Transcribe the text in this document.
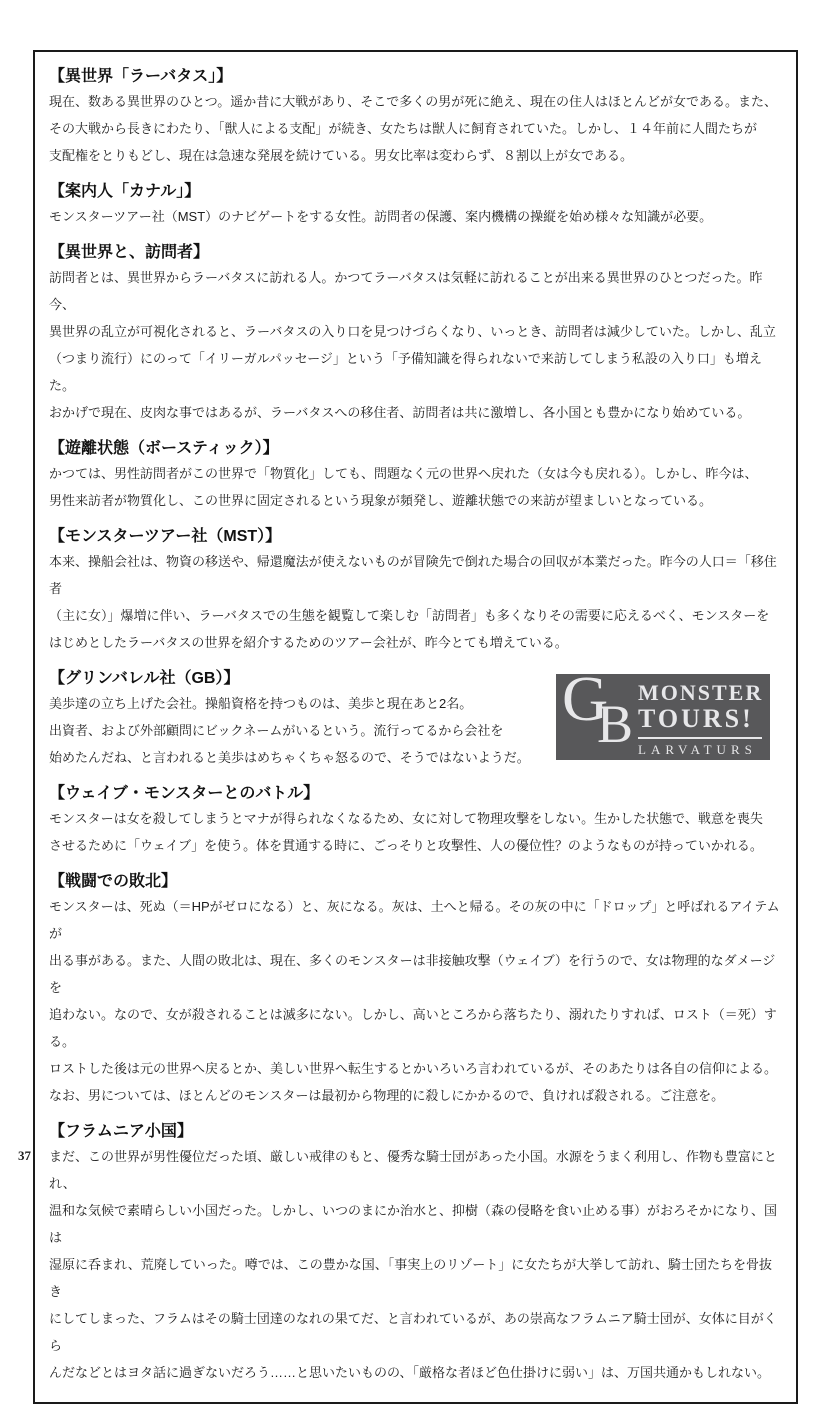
【異世界「ラーバタス」】
現在、数ある異世界のひとつ。遥か昔に大戦があり、そこで多くの男が死に絶え、現在の住人はほとんどが女である。また、
その大戦から長きにわたり、「獣人による支配」が続き、女たちは獣人に飼育されていた。しかし、１４年前に人間たちが
支配権をとりもどし、現在は急速な発展を続けている。男女比率は変わらず、８割以上が女である。
【案内人「カナル」】
モンスターツアー社（MST）のナビゲートをする女性。訪問者の保護、案内機構の操縦を始め様々な知識が必要。
【異世界と、訪問者】
訪問者とは、異世界からラーバタスに訪れる人。かつてラーバタスは気軽に訪れることが出来る異世界のひとつだった。昨今、
異世界の乱立が可視化されると、ラーバタスの入り口を見つけづらくなり、いっとき、訪問者は減少していた。しかし、乱立
（つまり流行）にのって「イリーガルパッセージ」という「予備知識を得られないで来訪してしまう私設の入り口」も増えた。
おかげで現在、皮肉な事ではあるが、ラーバタスへの移住者、訪問者は共に激増し、各小国とも豊かになり始めている。
【遊離状態（ボースティック）】
かつては、男性訪問者がこの世界で「物質化」しても、問題なく元の世界へ戻れた（女は今も戻れる）。しかし、昨今は、
男性来訪者が物質化し、この世界に固定されるという現象が頻発し、遊離状態での来訪が望ましいとなっている。
【モンスターツアー社（MST）】
本来、操船会社は、物資の移送や、帰還魔法が使えないものが冒険先で倒れた場合の回収が本業だった。昨今の人口＝「移住者
（主に女）」爆増に伴い、ラーバタスでの生態を観覧して楽しむ「訪問者」も多くなりその需要に応えるべく、モンスターを
はじめとしたラーバタスの世界を紹介するためのツアー会社が、昨今とても増えている。
【グリンバレル社（GB）】
美歩達の立ち上げた会社。操船資格を持つものは、美歩と現在あと2名。
出資者、および外部顧問にビックネームがいるという。流行ってるから会社を
始めたんだね、と言われると美歩はめちゃくちゃ怒るので、そうではないようだ。
G
B
MONSTER
TOURS!
LARVATURS
【ウェイブ・モンスターとのバトル】
モンスターは女を殺してしまうとマナが得られなくなるため、女に対して物理攻撃をしない。生かした状態で、戦意を喪失
させるために「ウェイブ」を使う。体を貫通する時に、ごっそりと攻撃性、人の優位性？のようなものが持っていかれる。
【戦闘での敗北】
モンスターは、死ぬ（＝HPがゼロになる）と、灰になる。灰は、土へと帰る。その灰の中に「ドロップ」と呼ばれるアイテムが
出る事がある。また、人間の敗北は、現在、多くのモンスターは非接触攻撃（ウェイブ）を行うので、女は物理的なダメージを
追わない。なので、女が殺されることは滅多にない。しかし、高いところから落ちたり、溺れたりすれば、ロスト（＝死）する。
ロストした後は元の世界へ戻るとか、美しい世界へ転生するとかいろいろ言われているが、そのあたりは各自の信仰による。
なお、男については、ほとんどのモンスターは最初から物理的に殺しにかかるので、負ければ殺される。ご注意を。
【フラムニア小国】
まだ、この世界が男性優位だった頃、厳しい戒律のもと、優秀な騎士団があった小国。水源をうまく利用し、作物も豊富にとれ、
温和な気候で素晴らしい小国だった。しかし、いつのまにか治水と、抑樹（森の侵略を食い止める事）がおろそかになり、国は
湿原に呑まれ、荒廃していった。噂では、この豊かな国、「事実上のリゾート」に女たちが大挙して訪れ、騎士団たちを骨抜き
にしてしまった、フラムはその騎士団達のなれの果てだ、と言われているが、あの崇高なフラムニア騎士団が、女体に目がくら
んだなどとはヨタ話に過ぎないだろう……と思いたいものの、「厳格な者ほど色仕掛けに弱い」は、万国共通かもしれない。
37
